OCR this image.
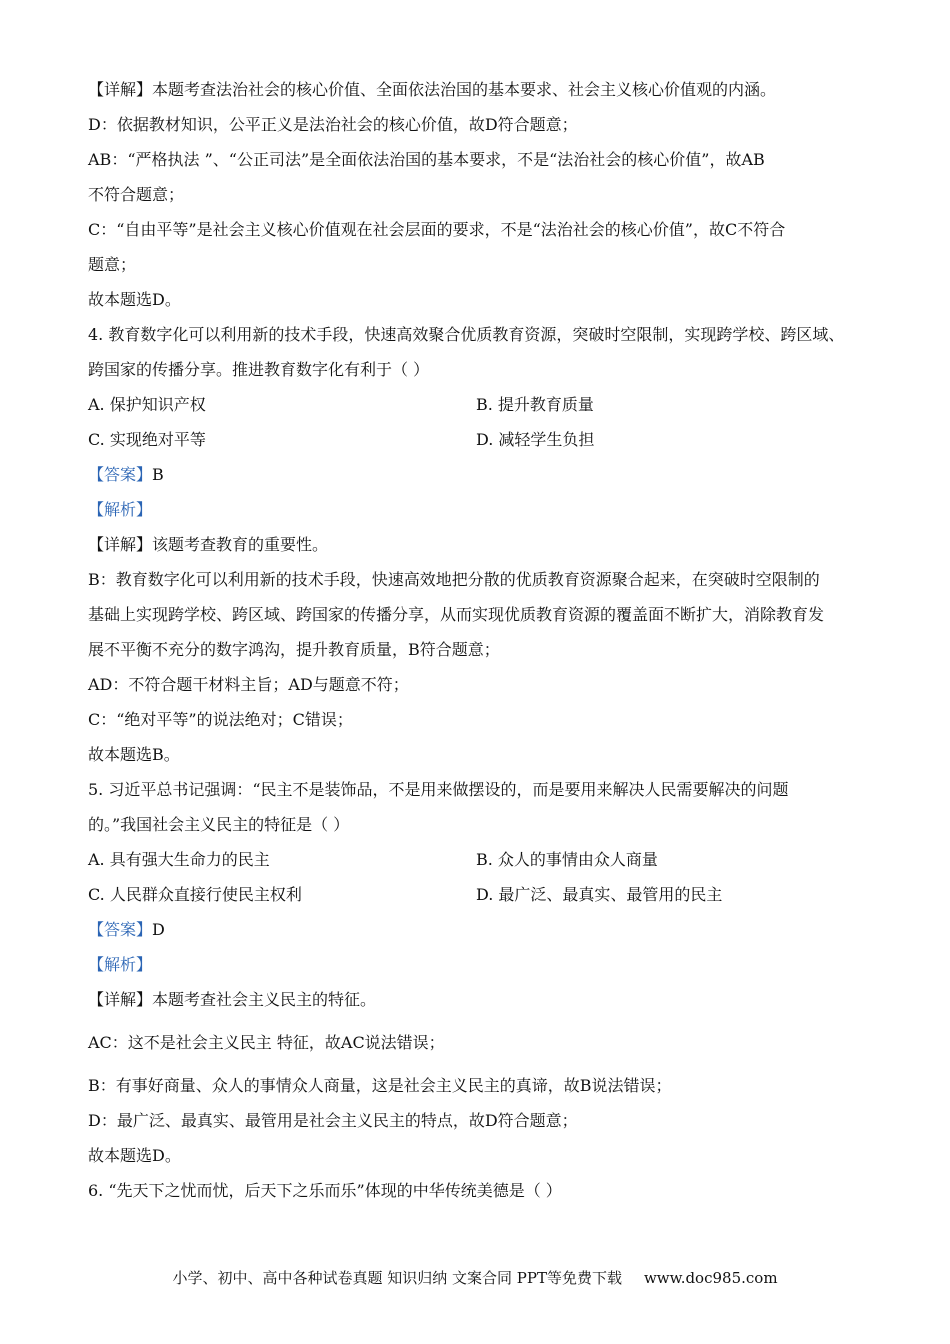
【详解】本题考查法治社会的核心价值、全面依法治国的基本要求、社会主义核心价值观的内涵。
D：依据教材知识，公平正义是法治社会的核心价值，故D符合题意；
AB：“严格执法 ”、“公正司法”是全面依法治国的基本要求，不是“法治社会的核心价值”，故AB
不符合题意；
C：“自由平等”是社会主义核心价值观在社会层面的要求，不是“法治社会的核心价值”，故C不符合
题意；
故本题选D。
4. 教育数字化可以利用新的技术手段，快速高效聚合优质教育资源，突破时空限制，实现跨学校、跨区域、
跨国家的传播分享。推进教育数字化有利于（ ）
A. 保护知识产权	B. 提升教育质量
C. 实现绝对平等	D. 减轻学生负担
【答案】B
【解析】
【详解】该题考查教育的重要性。
B：教育数字化可以利用新的技术手段，快速高效地把分散的优质教育资源聚合起来，在突破时空限制的
基础上实现跨学校、跨区域、跨国家的传播分享，从而实现优质教育资源的覆盖面不断扩大，消除教育发
展不平衡不充分的数字鸿沟，提升教育质量，B符合题意；
AD：不符合题干材料主旨；AD与题意不符；
C：“绝对平等”的说法绝对；C错误；
故本题选B。
5. 习近平总书记强调：“民主不是装饰品，不是用来做摆设的，而是要用来解决人民需要解决的问题
的。”我国社会主义民主的特征是（ ）
A. 具有强大生命力的民主	B. 众人的事情由众人商量
C. 人民群众直接行使民主权利	D. 最广泛、最真实、最管用的民主
【答案】D
【解析】
【详解】本题考查社会主义民主的特征。
AC：这不是社会主义民主 特征，故AC说法错误；
B：有事好商量、众人的事情众人商量，这是社会主义民主的真谛，故B说法错误；
D：最广泛、最真实、最管用是社会主义民主的特点，故D符合题意；
故本题选D。
6. “先天下之忧而忧，后天下之乐而乐”体现的中华传统美德是（ ）
小学、初中、高中各种试卷真题 知识归纳 文案合同 PPT等免费下载 www.doc985.com
